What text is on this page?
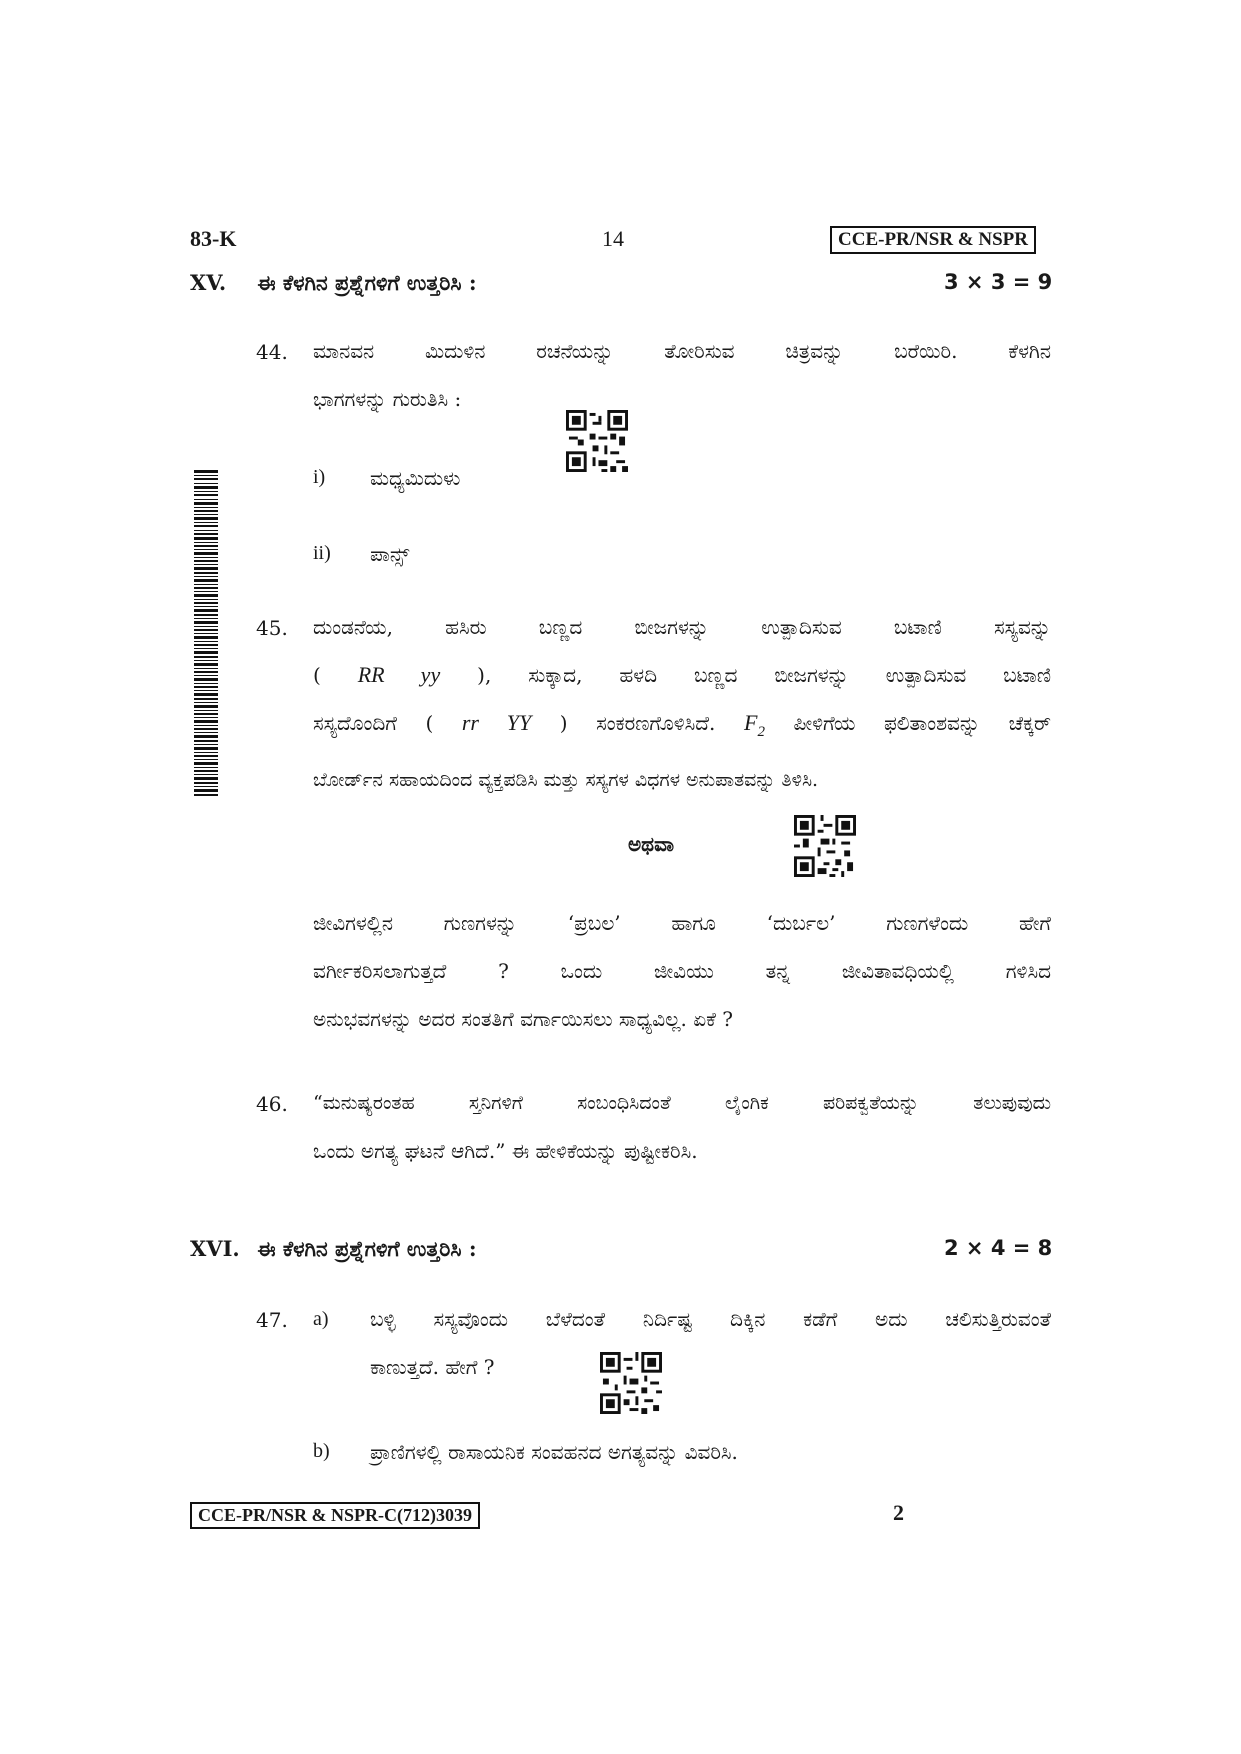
83-K	14	CCE-PR/NSR & NSPR
XV. ಈ ಕೆಳಗಿನ ಪ್ರಶ್ನೆಗಳಿಗೆ ಉತ್ತರಿಸಿ :	3 × 3 = 9
44. ಮಾನವನ ಮಿದುಳಿನ ರಚನೆಯನ್ನು ತೋರಿಸುವ ಚಿತ್ರವನ್ನು ಬರೆಯಿರಿ. ಕೆಳಗಿನ
ಭಾಗಗಳನ್ನು ಗುರುತಿಸಿ :
i) ಮಧ್ಯಮಿದುಳು
ii) ಪಾನ್ಸ್
45. ದುಂಡನೆಯ, ಹಸಿರು ಬಣ್ಣದ ಬೀಜಗಳನ್ನು ಉತ್ಪಾದಿಸುವ ಬಟಾಣಿ ಸಸ್ಯವನ್ನು
( RR yy ), ಸುಕ್ಕಾದ, ಹಳದಿ ಬಣ್ಣದ ಬೀಜಗಳನ್ನು ಉತ್ಪಾದಿಸುವ ಬಟಾಣಿ
ಸಸ್ಯದೊಂದಿಗೆ ( rr YY ) ಸಂಕರಣಗೊಳಿಸಿದೆ. $F_2$ ಪೀಳಿಗೆಯ ಫಲಿತಾಂಶವನ್ನು ಚೆಕ್ಕರ್
ಬೋರ್ಡ್‌ನ ಸಹಾಯದಿಂದ ವ್ಯಕ್ತಪಡಿಸಿ ಮತ್ತು ಸಸ್ಯಗಳ ವಿಧಗಳ ಅನುಪಾತವನ್ನು ತಿಳಿಸಿ.
ಅಥವಾ
ಜೀವಿಗಳಲ್ಲಿನ ಗುಣಗಳನ್ನು ‘ಪ್ರಬಲ’ ಹಾಗೂ ‘ದುರ್ಬಲ’ ಗುಣಗಳೆಂದು ಹೇಗೆ
ವರ್ಗೀಕರಿಸಲಾಗುತ್ತದೆ ? ಒಂದು ಜೀವಿಯು ತನ್ನ ಜೀವಿತಾವಧಿಯಲ್ಲಿ ಗಳಿಸಿದ
ಅನುಭವಗಳನ್ನು ಅದರ ಸಂತತಿಗೆ ವರ್ಗಾಯಿಸಲು ಸಾಧ್ಯವಿಲ್ಲ. ಏಕೆ ?
46. “ಮನುಷ್ಯರಂತಹ ಸ್ತನಿಗಳಿಗೆ ಸಂಬಂಧಿಸಿದಂತೆ ಲೈಂಗಿಕ ಪರಿಪಕ್ವತೆಯನ್ನು ತಲುಪುವುದು
ಒಂದು ಅಗತ್ಯ ಘಟನೆ ಆಗಿದೆ.” ಈ ಹೇಳಿಕೆಯನ್ನು ಪುಷ್ಟೀಕರಿಸಿ.
XVI. ಈ ಕೆಳಗಿನ ಪ್ರಶ್ನೆಗಳಿಗೆ ಉತ್ತರಿಸಿ :	2 × 4 = 8
47. a) ಬಳ್ಳಿ ಸಸ್ಯವೊಂದು ಬೆಳೆದಂತೆ ನಿರ್ದಿಷ್ಟ ದಿಕ್ಕಿನ ಕಡೆಗೆ ಅದು ಚಲಿಸುತ್ತಿರುವಂತೆ
ಕಾಣುತ್ತದೆ. ಹೇಗೆ ?
b) ಪ್ರಾಣಿಗಳಲ್ಲಿ ರಾಸಾಯನಿಕ ಸಂವಹನದ ಅಗತ್ಯವನ್ನು ವಿವರಿಸಿ.
CCE-PR/NSR & NSPR-C(712)3039	2
